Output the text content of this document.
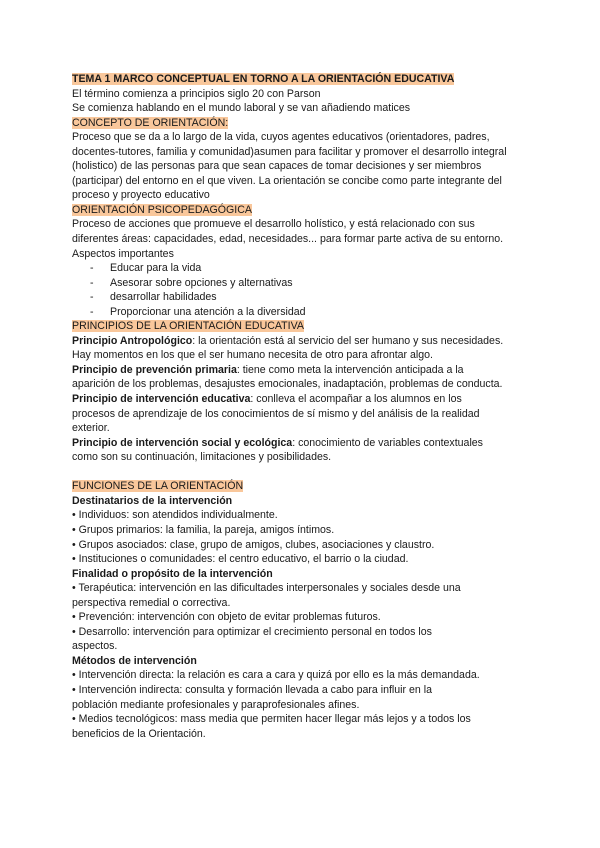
TEMA 1 MARCO CONCEPTUAL EN TORNO A LA ORIENTACIÓN EDUCATIVA
El término comienza a principios siglo 20 con Parson
Se comienza hablando en el mundo laboral y se van añadiendo matices
CONCEPTO DE ORIENTACIÓN:
Proceso que se da a lo largo de la vida, cuyos agentes educativos (orientadores, padres,
docentes-tutores, familia y comunidad)asumen para facilitar y promover el desarrollo integral
(holistico) de las personas para que sean capaces de tomar decisiones y ser miembros
(participar) del entorno en el que viven. La orientación se concibe como parte integrante del
proceso y proyecto educativo
ORIENTACIÓN PSICOPEDAGÓGICA
Proceso de acciones que promueve el desarrollo holístico, y está relacionado con sus
diferentes áreas: capacidades, edad, necesidades... para formar parte activa de su entorno.
Aspectos importantes
- Educar para la vida
- Asesorar sobre opciones y alternativas
- desarrollar habilidades
- Proporcionar una atención a la diversidad
PRINCIPIOS DE LA ORIENTACIÓN EDUCATIVA
Principio Antropológico: la orientación está al servicio del ser humano y sus necesidades.
Hay momentos en los que el ser humano necesita de otro para afrontar algo.
Principio de prevención primaria: tiene como meta la intervención anticipada a la
aparición de los problemas, desajustes emocionales, inadaptación, problemas de conducta.
Principio de intervención educativa: conlleva el acompañar a los alumnos en los
procesos de aprendizaje de los conocimientos de sí mismo y del análisis de la realidad
exterior.
Principio de intervención social y ecológica: conocimiento de variables contextuales
como son su continuación, limitaciones y posibilidades.
FUNCIONES DE LA ORIENTACIÓN
Destinatarios de la intervención
• Individuos: son atendidos individualmente.
• Grupos primarios: la familia, la pareja, amigos íntimos.
• Grupos asociados: clase, grupo de amigos, clubes, asociaciones y claustro.
• Instituciones o comunidades: el centro educativo, el barrio o la ciudad.
Finalidad o propósito de la intervención
• Terapéutica: intervención en las dificultades interpersonales y sociales desde una
perspectiva remedial o correctiva.
• Prevención: intervención con objeto de evitar problemas futuros.
• Desarrollo: intervención para optimizar el crecimiento personal en todos los
aspectos.
Métodos de intervención
• Intervención directa: la relación es cara a cara y quizá por ello es la más demandada.
• Intervención indirecta: consulta y formación llevada a cabo para influir en la
población mediante profesionales y paraprofesionales afines.
• Medios tecnológicos: mass media que permiten hacer llegar más lejos y a todos los
beneficios de la Orientación.
